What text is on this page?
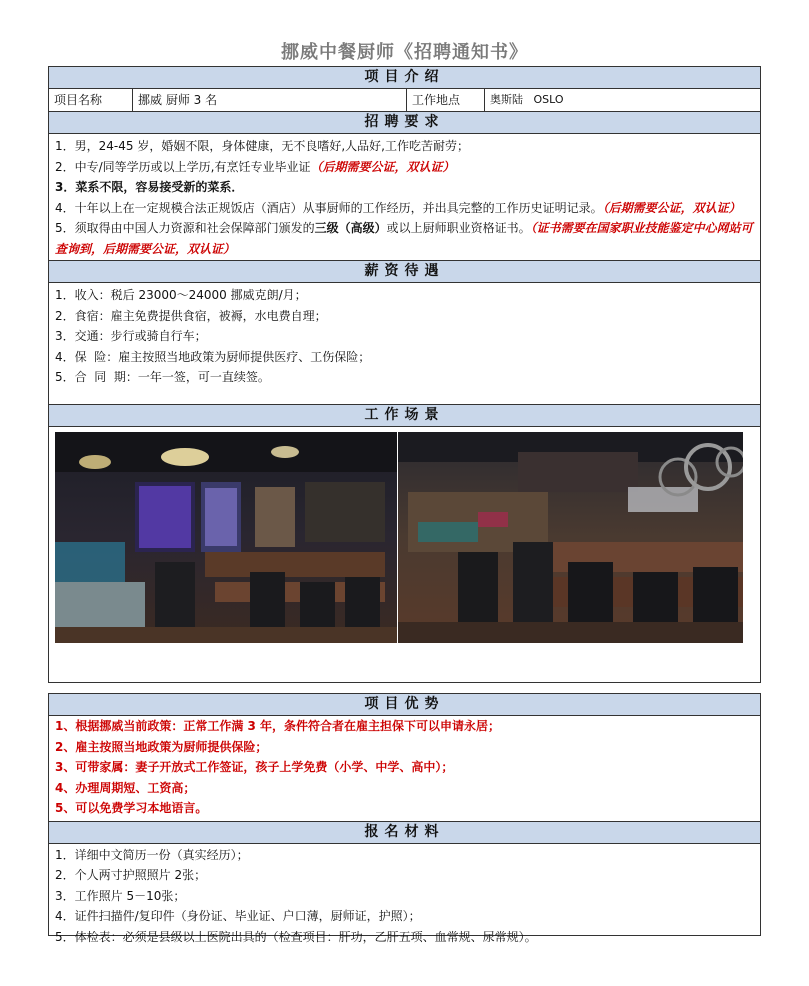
挪威中餐厨师《招聘通知书》
项目介绍
项目名称	挪威 厨师 3 名	工作地点	奥斯陆   OSLO
招聘要求
1．男，24-45 岁，婚姻不限，身体健康，无不良嗜好,人品好,工作吃苦耐劳；
2．中专/同等学历或以上学历,有烹饪专业毕业证（后期需要公证，双认证）
3．菜系不限，容易接受新的菜系．
4．十年以上在一定规模合法正规饭店（酒店）从事厨师的工作经历，并出具完整的工作历史证明记录。（后期需要公证，双认证）
5．须取得由中国人力资源和社会保障部门颁发的三级（高级）或以上厨师职业资格证书。（证书需要在国家职业技能鉴定中心网站可查询到，后期需要公证，双认证）
薪资待遇
1．收入：税后 23000～24000 挪威克朗/月；
2．食宿：雇主免费提供食宿，被褥，水电费自理；
3．交通：步行或骑自行车；
4．保  险：雇主按照当地政策为厨师提供医疗、工伤保险；
5．合  同  期：一年一签，可一直续签。
工作场景
项目优势
1、根据挪威当前政策：正常工作满 3 年，条件符合者在雇主担保下可以申请永居；
2、雇主按照当地政策为厨师提供保险；
3、可带家属：妻子开放式工作签证，孩子上学免费（小学、中学、高中）；
4、办理周期短、工资高；
5、可以免费学习本地语言。
报名材料
1．详细中文简历一份（真实经历）；
2．个人两寸护照照片 2张；
3．工作照片 5－10张；
4．证件扫描件/复印件（身份证、毕业证、户口薄，厨师证，护照）；
5．体检表：必须是县级以上医院出具的（检查项目：肝功，乙肝五项、血常规、尿常规）。
